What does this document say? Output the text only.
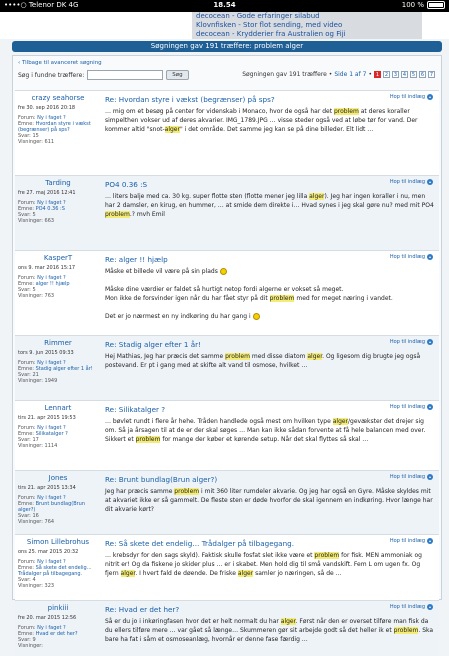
••••○ Telenor DK 4G	18.54	100 %
decocean - Gode erfaringer silabud
Klovnfisken - Stor flot sending, med video
decocean - Krydderier fra Australien og Fiji
Søgningen gav 191 træffere: problem alger
‹ Tilbage til avanceret søgning
Søg i fundne træffere:	Søg	Søgningen gav 191 træffere • Side 1 af 7 • 1	2	3	4	5	6	7
crazy seahorse
fre 30. sep 2016 20:18
Forum: Ny i faget ?
Emne: Hvordan styre i vækst (begrænser) på sps?
Svar: 15
Visninger: 611
Re: Hvordan styre i vækst (begrænser) på sps?
… mig om et besøg på center for videnskab i Monaco, hvor de også har det problem at deres koraller simpelthen vokser ud af deres akvarier. IMG_1789.JPG … visse steder også ved at løbe tør for vand. Der kommer altid "snot-alger" i det område. Det samme jeg kan se på dine billeder. Elt lidt …
Hop til indlæg
Tarding
fre 27. maj 2016 12:41
Forum: Ny i faget ?
Emne: PO4 0.36 :S
Svar: 5
Visninger: 663
PO4 0.36 :S
… liters balje med ca. 30 kg. super flotte sten (flotte mener jeg lilla alger). Jeg har ingen koraller i nu, men har 2 damsler, en kirug, en hummer, … at smide dem direkte i… Hvad synes i jeg skal gøre nu? med mit PO4 problem.? mvh Emil
Hop til indlæg
KasperT
ons 9. mar 2016 15:17
Forum: Ny i faget ?
Emne: alger !! hjælp
Svar: 5
Visninger: 763
Re: alger !! hjælp
Måske et billede vil være på sin plads

Måske dine værdier er faldet så hurtigt netop fordi algerne er vokset så meget.
Mon ikke de forsvinder igen når du har fået styr på dit problem med for meget næring i vandet.

Det er jo nærmest en ny indkøring du har gang i
Hop til indlæg
Rimmer
tors 9. jun 2015 09:33
Forum: Ny i faget ?
Emne: Stadig alger efter 1 år!
Svar: 21
Visninger: 1949
Re: Stadig alger efter 1 år!
Hej Mathias, Jeg har præcis det samme problem med disse diatom alger. Og ligesom dig brugte jeg også postevand. Er pt i gang med at skifte alt vand til osmose, hvilket …
Hop til indlæg
Lennart
tirs 21. apr 2015 19:53
Forum: Ny i faget ?
Emne: Silikatalger ?
Svar: 17
Visninger: 1114
Re: Silikatalger ?
… bøvlet rundt i flere år hehe. Tråden handlede også mest om hvilken type alger/gevækster det drejer sig om. Så ja årsagen til at de er der skal søges … Man kan ikke sådan forvente at få hele balancen med over. Sikkert et problem for mange der køber et kørende setup. Når det skal flyttes så skal …
Hop til indlæg
Jones
tirs 21. apr 2015 13:34
Forum: Ny i faget ?
Emne: Brunt bundlag(Brun alger?)
Svar: 16
Visninger: 764
Re: Brunt bundlag(Brun alger?)
Jeg har præcis samme problem i mit 360 liter rumdeler akvarie. Og jeg har også en Gyre. Måske skyldes mit at akvariet ikke er så gammelt. De fleste sten er døde hvorfor de skal igennem en indkøring. Hvor længe har dit akvarie kørt?
Hop til indlæg
Simon Lillebrohus
ons 25. mar 2015 20:32
Forum: Ny i faget ?
Emne: Så skete det endelig… Trådalger på tilbagegang.
Svar: 4
Visninger: 323
Re: Så skete det endelig… Trådalger på tilbagegang.
… krebsdyr for den sags skyld). Faktisk skulle fosfat slet ikke være et problem for fisk. MEN ammoniak og nitrit er! Og da fiskene jo skider plus … er i skabet. Men hold dig til små vandskift. Fem L om ugen fx. Og fjern alger. I hvert fald de døende. De friske alger samler jo næringen, så de …
Hop til indlæg
pinkiii
fre 20. mar 2015 12:56
Forum: Ny i faget ?
Emne: Hvad er det her?
Svar: 9
Visninger:
Re: Hvad er det her?
Så er du jo i inkøringfasen hvor det er helt normalt du har alger. Først når den er overset tilføre man fisk da du ellers tilføre mere … var gået så længe… Skummeren gør sit arbejde godt så det heller ik et problem. Ska bare ha fat i såm et osmoseanlæg, hvornår er denne fase færdig …
Hop til indlæg
